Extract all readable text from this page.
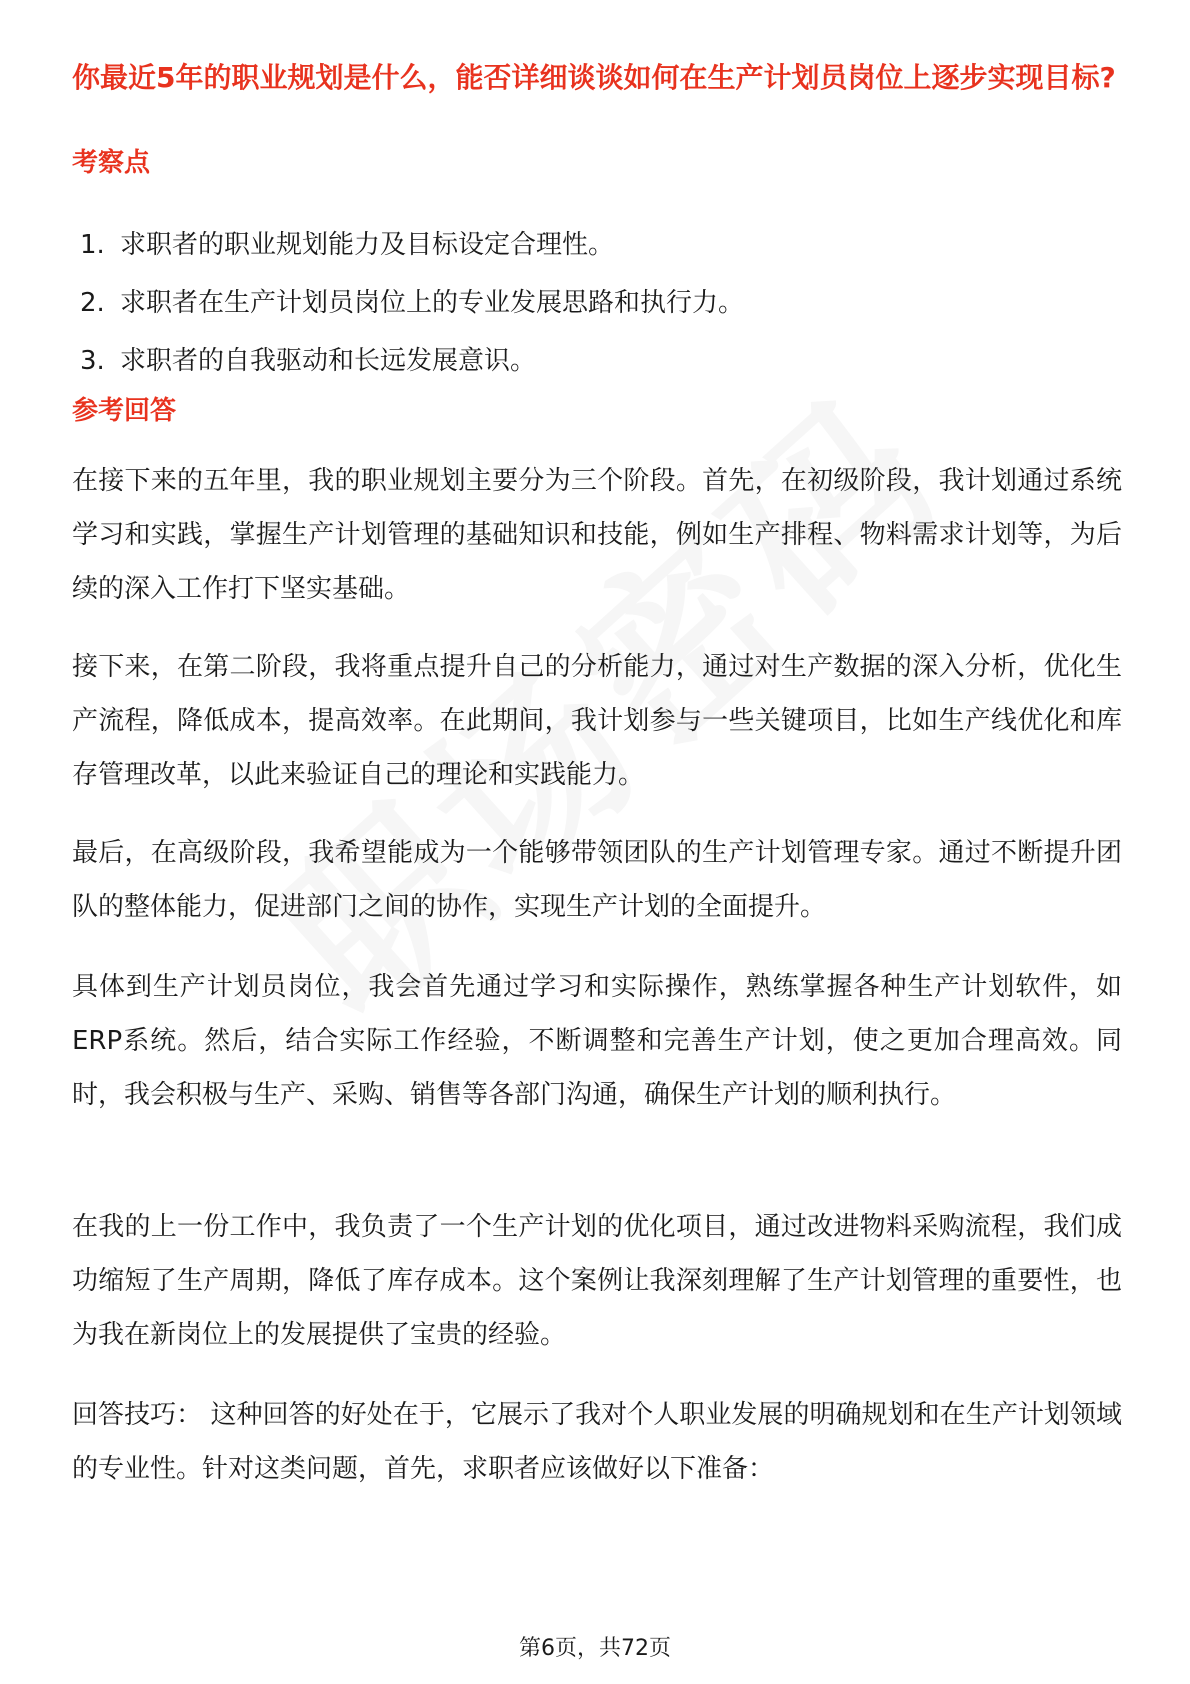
你最近5年的职业规划是什么，能否详细谈谈如何在生产计划员岗位上逐步实现目标?
考察点
1. 求职者的职业规划能力及目标设定合理性。
2. 求职者在生产计划员岗位上的专业发展思路和执行力。
3. 求职者的自我驱动和长远发展意识。
参考回答

在接下来的五年里，我的职业规划主要分为三个阶段。首先，在初级阶段，我计划通过系统学习和实践，掌握生产计划管理的基础知识和技能，例如生产排程、物料需求计划等，为后续的深入工作打下坚实基础。

接下来，在第二阶段，我将重点提升自己的分析能力，通过对生产数据的深入分析，优化生产流程，降低成本，提高效率。在此期间，我计划参与一些关键项目，比如生产线优化和库存管理改革，以此来验证自己的理论和实践能力。

最后，在高级阶段，我希望能成为一个能够带领团队的生产计划管理专家。通过不断提升团队的整体能力，促进部门之间的协作，实现生产计划的全面提升。

具体到生产计划员岗位，我会首先通过学习和实际操作，熟练掌握各种生产计划软件，如ERP系统。然后，结合实际工作经验，不断调整和完善生产计划，使之更加合理高效。同时，我会积极与生产、采购、销售等各部门沟通，确保生产计划的顺利执行。

在我的上一份工作中，我负责了一个生产计划的优化项目，通过改进物料采购流程，我们成功缩短了生产周期，降低了库存成本。这个案例让我深刻理解了生产计划管理的重要性，也为我在新岗位上的发展提供了宝贵的经验。

回答技巧： 这种回答的好处在于，它展示了我对个人职业发展的明确规划和在生产计划领域的专业性。针对这类问题，首先，求职者应该做好以下准备：

第6页，共72页
